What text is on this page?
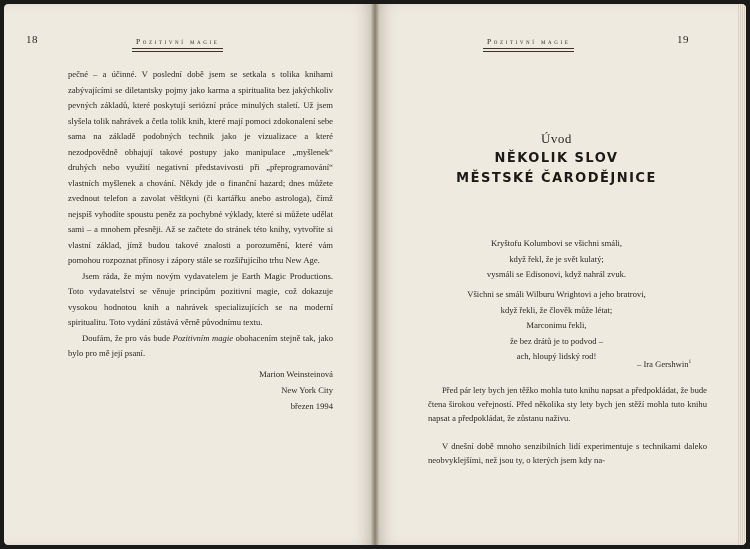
18	Pozitivní magie

pečné – a účinné. V poslední době jsem se setkala s tolika knihami zabývajícími se diletantsky pojmy jako karma a spiritualita bez jakýchkoliv pevných základů, které poskytují seriózní práce minulých staletí. Už jsem slyšela tolik nahrávek a četla tolik knih, které mají pomoci zdokonalení sebe sama na základě podobných technik jako je vizualizace a které nezodpovědně obhajují takové postupy jako manipulace „myšlenek“ druhých nebo využití negativní představivosti při „přeprogramování“ vlastních myšlenek a chování. Někdy jde o finanční hazard; dnes můžete zvednout telefon a zavolat věštkyni (či kartářku anebo astrologa), čímž nejspíš vyhodíte spoustu peněz za pochybné výklady, které si můžete udělat sami – a mnohem přesněji. Až se začtete do stránek této knihy, vytvoříte si vlastní základ, jímž budou takové znalosti a porozumění, které vám pomohou rozpoznat přínosy i zápory stále se rozšiřujícího trhu New Age.

Jsem ráda, že mým novým vydavatelem je Earth Magic Productions. Toto vydavatelství se věnuje principům pozitivní magie, což dokazuje vysokou hodnotou knih a nahrávek specializujících se na moderní spiritualitu. Toto vydání zůstává věrně původnímu textu.

Doufám, že pro vás bude Pozitivním magie obohacením stejně tak, jako bylo pro mě její psaní.

Marion Weinsteinová
New York City
březen 1994
19
Pozitivní magie
Úvod
NĚKOLIK SLOV
MĚSTSKÉ ČARODĚJNICE
Kryštofu Kolumbovi se všichni smáli,
když řekl, že je svět kulatý;
vysmáli se Edisonovi, když nahrál zvuk.
Všichni se smáli Wilburu Wrightovi a jeho bratrovi,
když řekli, že člověk může létat;
Marconimu řekli,
že bez drátů je to podvod –
ach, hloupý lidský rod!
– Ira Gershwin$^1$

Před pár lety bych jen těžko mohla tuto knihu napsat a předpokládat, že bude čtena širokou veřejností. Před několika sty lety bych jen stěží mohla tuto knihu napsat a předpokládat, že zůstanu naživu.

V dnešní době mnoho senzibilních lidí experimentuje s technikami daleko neobvyklejšími, než jsou ty, o kterých jsem kdy na-
